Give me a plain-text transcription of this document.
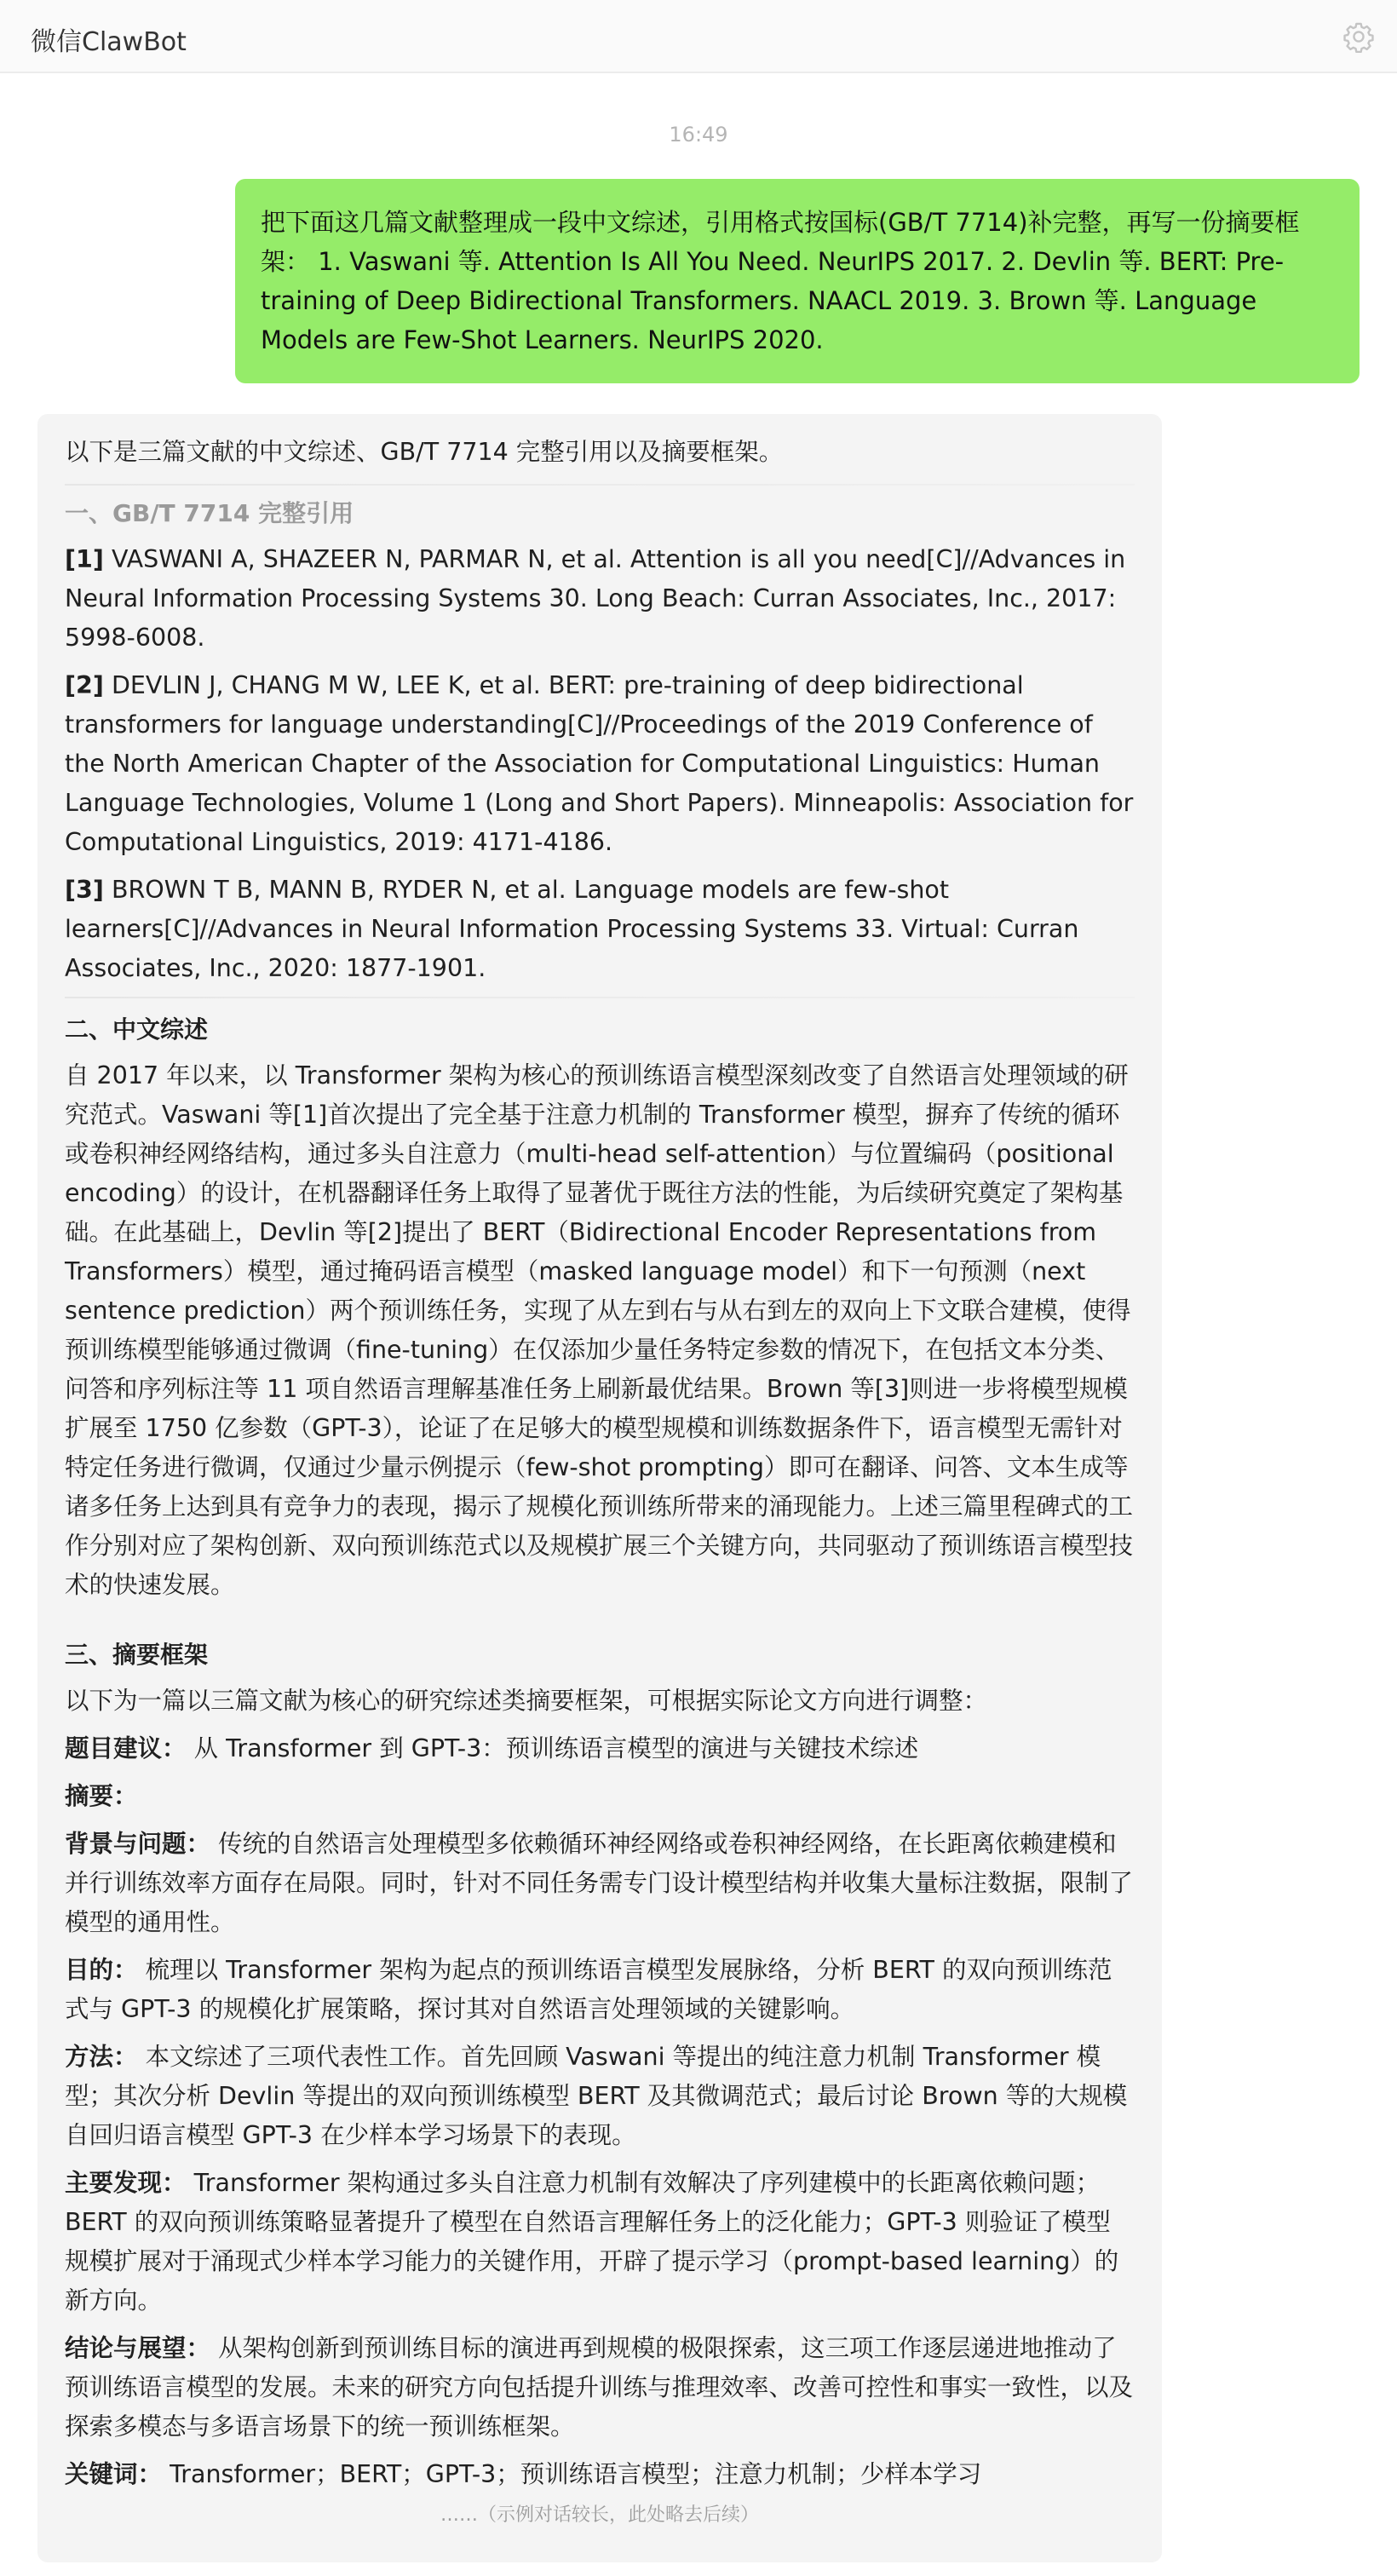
微信ClawBot
16:49
把下面这几篇文献整理成一段中文综述，引用格式按国标(GB/T 7714)补完整，再写一份摘要框架： 1. Vaswani 等. Attention Is All You Need. NeurIPS 2017. 2. Devlin 等. BERT: Pre-training of Deep Bidirectional Transformers. NAACL 2019. 3. Brown 等. Language Models are Few-Shot Learners. NeurIPS 2020.

以下是三篇文献的中文综述、GB/T 7714 完整引用以及摘要框架。

一、GB/T 7714 完整引用

[1] VASWANI A, SHAZEER N, PARMAR N, et al. Attention is all you need[C]//Advances in Neural Information Processing Systems 30. Long Beach: Curran Associates, Inc., 2017: 5998-6008.

[2] DEVLIN J, CHANG M W, LEE K, et al. BERT: pre-training of deep bidirectional transformers for language understanding[C]//Proceedings of the 2019 Conference of the North American Chapter of the Association for Computational Linguistics: Human Language Technologies, Volume 1 (Long and Short Papers). Minneapolis: Association for Computational Linguistics, 2019: 4171-4186.

[3] BROWN T B, MANN B, RYDER N, et al. Language models are few-shot learners[C]//Advances in Neural Information Processing Systems 33. Virtual: Curran Associates, Inc., 2020: 1877-1901.

二、中文综述

自 2017 年以来，以 Transformer 架构为核心的预训练语言模型深刻改变了自然语言处理领域的研究范式。Vaswani 等[1]首次提出了完全基于注意力机制的 Transformer 模型，摒弃了传统的循环或卷积神经网络结构，通过多头自注意力（multi-head self-attention）与位置编码（positional encoding）的设计，在机器翻译任务上取得了显著优于既往方法的性能，为后续研究奠定了架构基础。在此基础上，Devlin 等[2]提出了 BERT（Bidirectional Encoder Representations from Transformers）模型，通过掩码语言模型（masked language model）和下一句预测（next sentence prediction）两个预训练任务，实现了从左到右与从右到左的双向上下文联合建模，使得预训练模型能够通过微调（fine-tuning）在仅添加少量任务特定参数的情况下，在包括文本分类、问答和序列标注等 11 项自然语言理解基准任务上刷新最优结果。Brown 等[3]则进一步将模型规模扩展至 1750 亿参数（GPT-3），论证了在足够大的模型规模和训练数据条件下，语言模型无需针对特定任务进行微调，仅通过少量示例提示（few-shot prompting）即可在翻译、问答、文本生成等诸多任务上达到具有竞争力的表现，揭示了规模化预训练所带来的涌现能力。上述三篇里程碑式的工作分别对应了架构创新、双向预训练范式以及规模扩展三个关键方向，共同驱动了预训练语言模型技术的快速发展。

三、摘要框架

以下为一篇以三篇文献为核心的研究综述类摘要框架，可根据实际论文方向进行调整：

题目建议： 从 Transformer 到 GPT-3：预训练语言模型的演进与关键技术综述

摘要：

背景与问题： 传统的自然语言处理模型多依赖循环神经网络或卷积神经网络，在长距离依赖建模和并行训练效率方面存在局限。同时，针对不同任务需专门设计模型结构并收集大量标注数据，限制了模型的通用性。

目的： 梳理以 Transformer 架构为起点的预训练语言模型发展脉络，分析 BERT 的双向预训练范式与 GPT-3 的规模化扩展策略，探讨其对自然语言处理领域的关键影响。

方法： 本文综述了三项代表性工作。首先回顾 Vaswani 等提出的纯注意力机制 Transformer 模型；其次分析 Devlin 等提出的双向预训练模型 BERT 及其微调范式；最后讨论 Brown 等的大规模自回归语言模型 GPT-3 在少样本学习场景下的表现。

主要发现： Transformer 架构通过多头自注意力机制有效解决了序列建模中的长距离依赖问题；BERT 的双向预训练策略显著提升了模型在自然语言理解任务上的泛化能力；GPT-3 则验证了模型规模扩展对于涌现式少样本学习能力的关键作用，开辟了提示学习（prompt-based learning）的新方向。

结论与展望： 从架构创新到预训练目标的演进再到规模的极限探索，这三项工作逐层递进地推动了预训练语言模型的发展。未来的研究方向包括提升训练与推理效率、改善可控性和事实一致性，以及探索多模态与多语言场景下的统一预训练框架。

关键词： Transformer；BERT；GPT-3；预训练语言模型；注意力机制；少样本学习

……（示例对话较长，此处略去后续）
